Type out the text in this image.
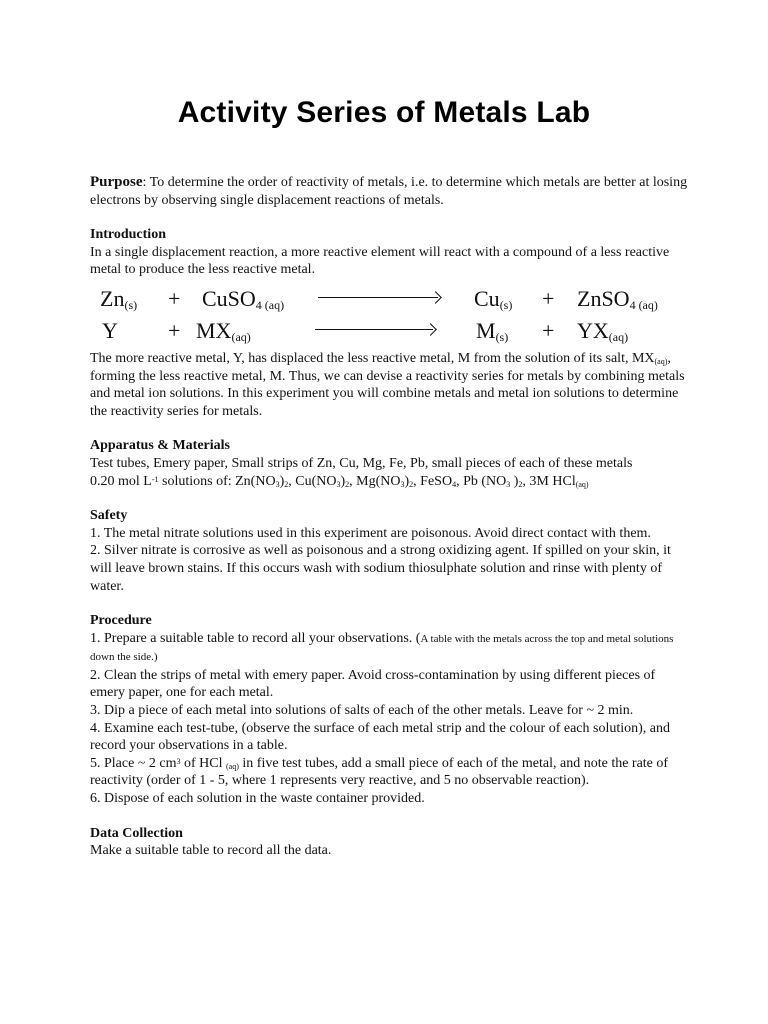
Activity Series of Metals Lab

Purpose: To determine the order of reactivity of metals, i.e. to determine which metals are better at losing electrons by observing single displacement reactions of metals.

Introduction

In a single displacement reaction, a more reactive element will react with a compound of a less reactive metal to produce the less reactive metal.

$Zn_{(s)}$ + CuSO$_{4 (aq)}$	$Cu_{(s)}$ + ZnSO$_{4 (aq)}$
$Y + MX_{(aq)}$	$M_{(s)} + YX_{(aq)}$

The more reactive metal, Y, has displaced the less reactive metal, M from the solution of its salt, $MX_{(aq)}$, forming the less reactive metal, M. Thus, we can devise a reactivity series for metals by combining metals and metal ion solutions. In this experiment you will combine metals and metal ion solutions to determine the reactivity series for metals.

Apparatus & Materials

Test tubes, Emery paper, Small strips of Zn, Cu, Mg, Fe, Pb, small pieces of each of these metals

0.20 mol $L^{-1}$ solutions of: $Zn(NO_3)_2$, $Cu(NO_3)_2$, $Mg(NO_3)_2$, FeSO$_4$, Pb ($NO_3$ )$_2$, 3M HCl$_{(aq)}$

Safety

1. The metal nitrate solutions used in this experiment are poisonous. Avoid direct contact with them.

2. Silver nitrate is corrosive as well as poisonous and a strong oxidizing agent. If spilled on your skin, it will leave brown stains. If this occurs wash with sodium thiosulphate solution and rinse with plenty of water.

Procedure

1. Prepare a suitable table to record all your observations. (A table with the metals across the top and metal solutions down the side.)

2. Clean the strips of metal with emery paper. Avoid cross-contamination by using different pieces of emery paper, one for each metal.

3. Dip a piece of each metal into solutions of salts of each of the other metals. Leave for ~ 2 min.

4. Examine each test-tube, (observe the surface of each metal strip and the colour of each solution), and record your observations in a table.

5. Place ~ 2 $cm^3$ of HCl $_{(aq)}$ in five test tubes, add a small piece of each of the metal, and note the rate of reactivity (order of 1 - 5, where 1 represents very reactive, and 5 no observable reaction).

6. Dispose of each solution in the waste container provided.

Data Collection

Make a suitable table to record all the data.
